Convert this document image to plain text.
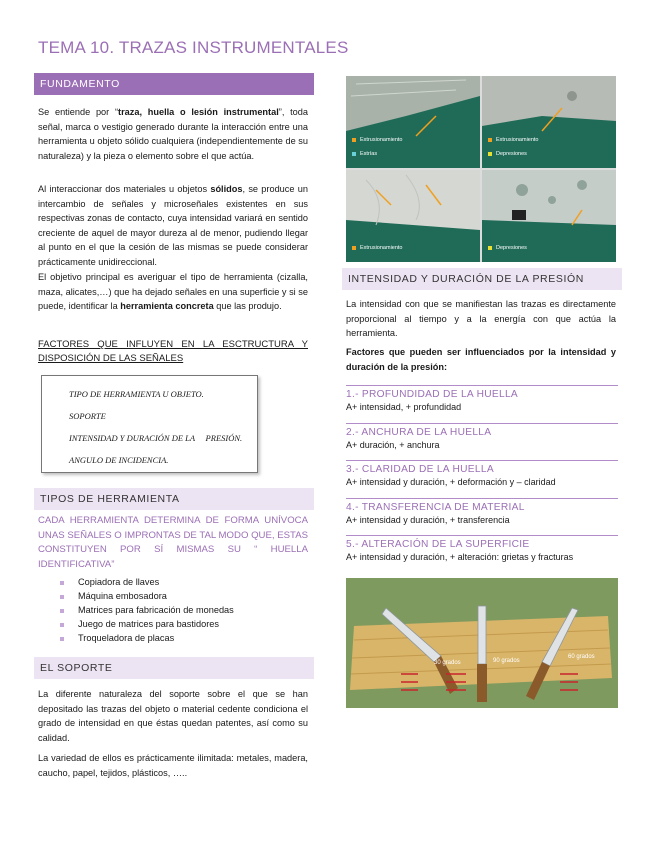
TEMA 10. TRAZAS INSTRUMENTALES
FUNDAMENTO

Se entiende por “traza, huella o lesión instrumental”, toda señal, marca o vestigio generado durante la interacción entre una herramienta u objeto sólido cualquiera (independientemente de su naturaleza) y la pieza o elemento sobre el que actúa.

Al interaccionar dos materiales u objetos sólidos, se produce un intercambio de señales y microseñales existentes en sus respectivas zonas de contacto, cuya intensidad variará en sentido creciente de aquel de mayor dureza al de menor, pudiendo llegar al punto en el que la cesión de las mismas se puede considerar prácticamente unidireccional.

El objetivo principal es averiguar el tipo de herramienta (cizalla, maza, alicates,…) que ha dejado señales en una superficie y si se puede, identificar la herramienta concreta que las produjo.

FACTORES QUE INFLUYEN EN LA ESCTRUCTURA Y DISPOSICIÓN DE LAS SEÑALES
TIPO DE HERRAMIENTA U OBJETO.
SOPORTE
INTENSIDAD Y DURACIÓN DE LA     PRESIÓN.
ANGULO DE INCIDENCIA.
TIPOS DE HERRAMIENTA
CADA HERRAMIENTA DETERMINA DE FORMA UNÍVOCA UNAS SEÑALES O IMPRONTAS DE TAL MODO QUE, ESTAS CONSTITUYEN POR SÍ MISMAS SU “ HUELLA IDENTIFICATIVA”
Copiadora de llaves
Máquina embosadora
Matrices para fabricación de monedas
Juego de matrices para bastidores
Troqueladora de placas
EL SOPORTE

La diferente naturaleza del soporte sobre el que se han depositado las trazas del objeto o material cedente condiciona el grado de intensidad en que éstas quedan patentes, así como su calidad.

La variedad de ellos es prácticamente ilimitada: metales, madera, caucho, papel, tejidos, plásticos, …..

Extrusionamiento
Estrías
Extrusionamiento
Depresiones
Extrusionamiento	Depresiones
INTENSIDAD Y DURACIÓN DE LA PRESIÓN

La intensidad con que se manifiestan las trazas es directamente proporcional al tiempo y a la energía con que actúa la herramienta.

Factores que pueden ser influenciados por la intensidad y duración de la presión:

1.- PROFUNDIDAD DE LA HUELLA
A+ intensidad, + profundidad
2.- ANCHURA DE LA HUELLA
A+ duración, + anchura
3.- CLARIDAD DE LA HUELLA
A+ intensidad y duración, + deformación y – claridad
4.- TRANSFERENCIA DE MATERIAL
A+ intensidad y duración, + transferencia
5.- ALTERACIÓN DE LA SUPERFICIE
A+ intensidad y duración, + alteración: grietas y fracturas
30 grados	90 grados
60 grados
